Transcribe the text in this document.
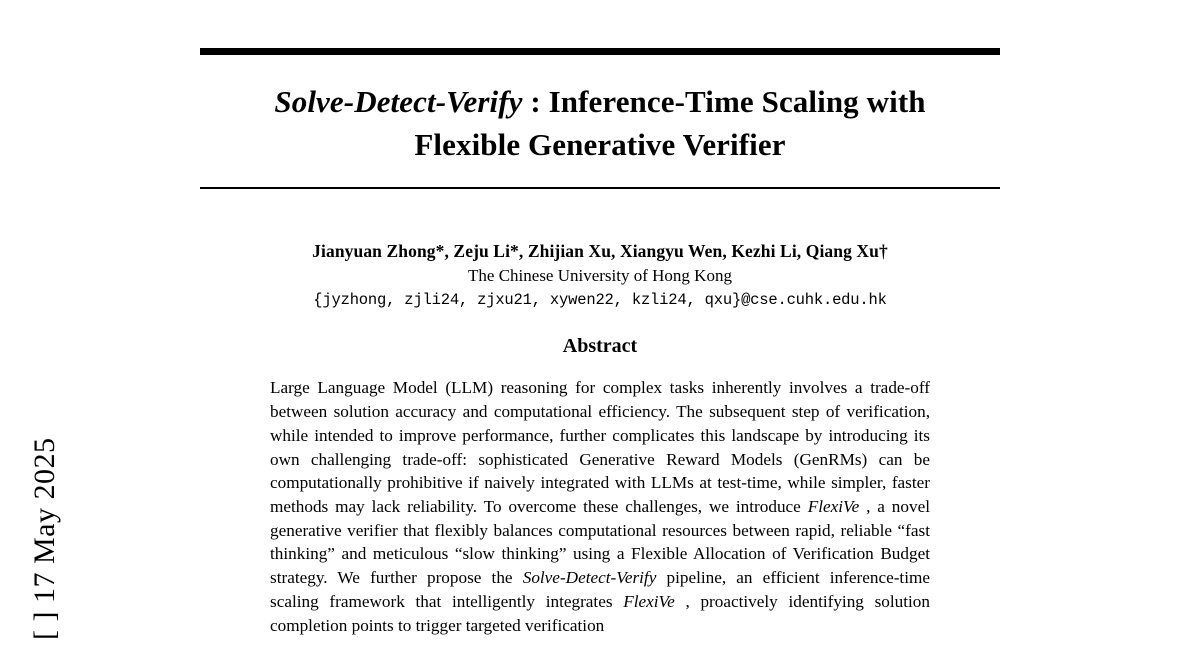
[ ] 17 May 2025
Solve-Detect-Verify : Inference-Time Scaling with
Flexible Generative Verifier
Jianyuan Zhong*, Zeju Li*, Zhijian Xu, Xiangyu Wen, Kezhi Li, Qiang Xu†
The Chinese University of Hong Kong
{jyzhong, zjli24, zjxu21, xywen22, kzli24, qxu}@cse.cuhk.edu.hk
Abstract
Large Language Model (LLM) reasoning for complex tasks inherently involves a trade-off between solution accuracy and computational efficiency. The subsequent step of verification, while intended to improve performance, further complicates this landscape by introducing its own challenging trade-off: sophisticated Generative Reward Models (GenRMs) can be computationally prohibitive if naively integrated with LLMs at test-time, while simpler, faster methods may lack reliability. To overcome these challenges, we introduce FlexiVe , a novel generative verifier that flexibly balances computational resources between rapid, reliable “fast thinking” and meticulous “slow thinking” using a Flexible Allocation of Verification Budget strategy. We further propose the Solve-Detect-Verify pipeline, an efficient inference-time scaling framework that intelligently integrates FlexiVe , proactively identifying solution completion points to trigger targeted verification
